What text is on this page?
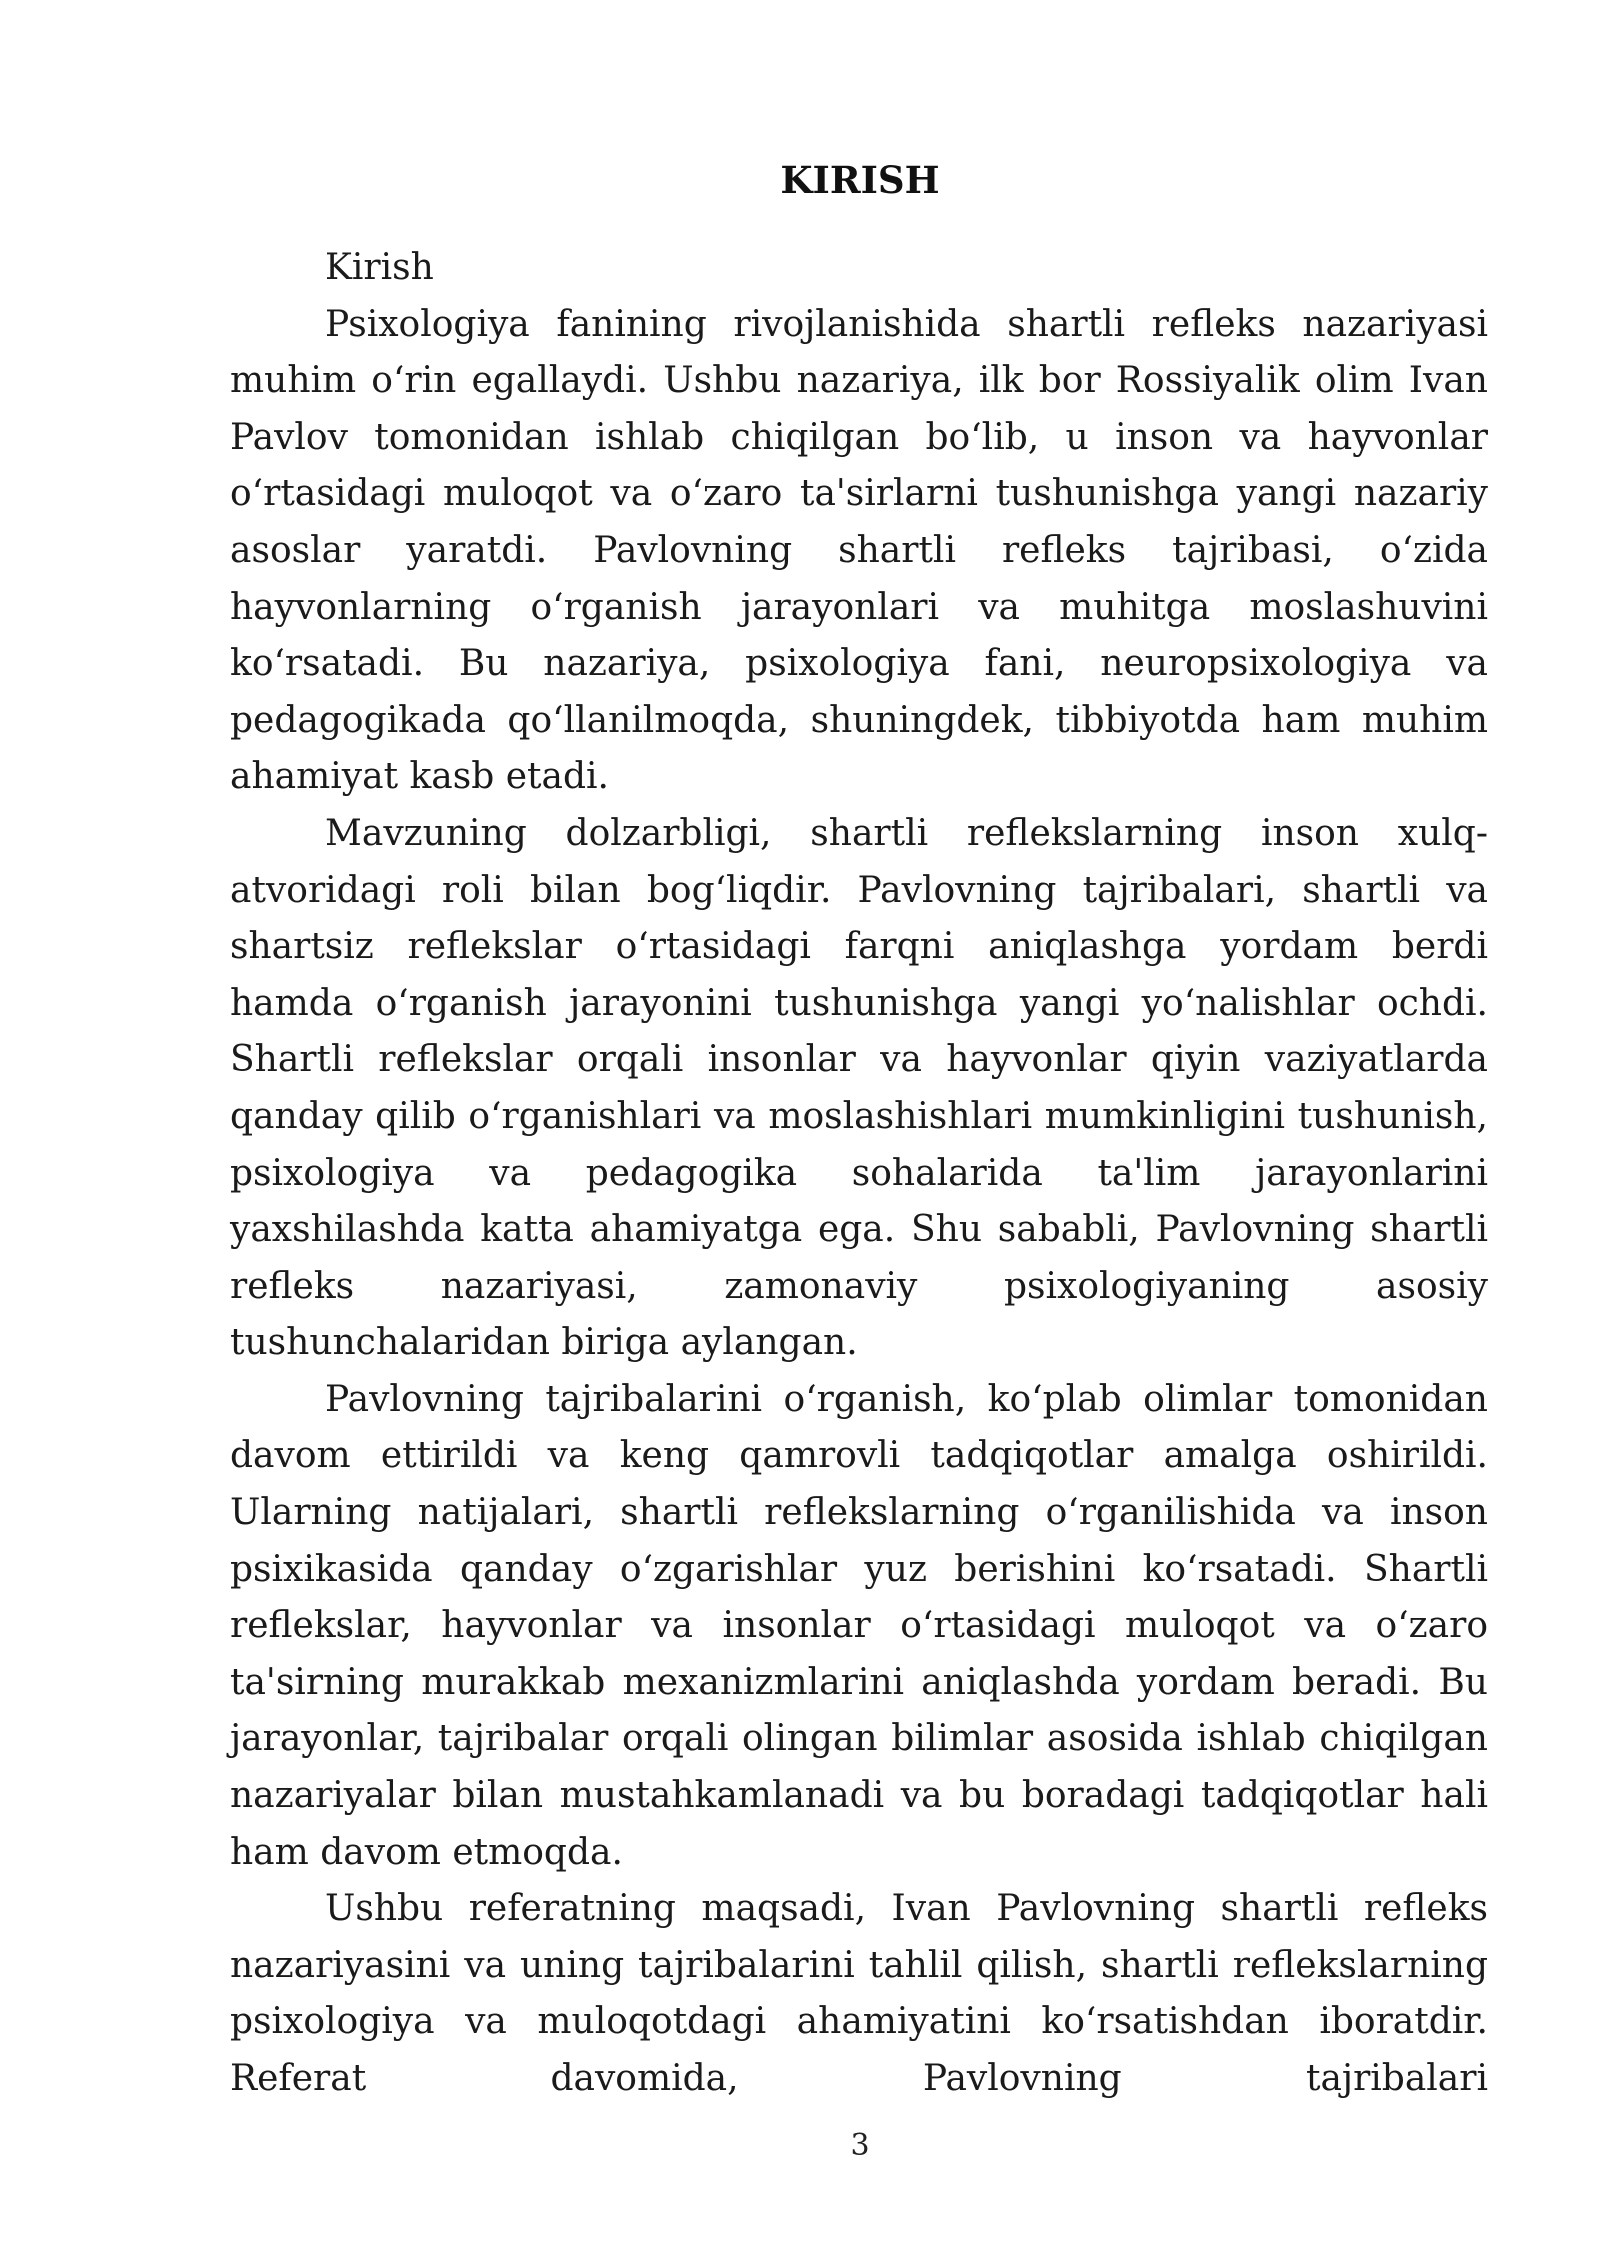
KIRISH

Kirish

Psixologiya fanining rivojlanishida shartli refleks nazariyasi muhim o‘rin egallaydi. Ushbu nazariya, ilk bor Rossiyalik olim Ivan Pavlov tomonidan ishlab chiqilgan bo‘lib, u inson va hayvonlar o‘rtasidagi muloqot va o‘zaro ta'sirlarni tushunishga yangi nazariy asoslar yaratdi. Pavlovning shartli refleks tajribasi, o‘zida hayvonlarning o‘rganish jarayonlari va muhitga moslashuvini ko‘rsatadi. Bu nazariya, psixologiya fani, neuropsixologiya va pedagogikada qo‘llanilmoqda, shuningdek, tibbiyotda ham muhim ahamiyat kasb etadi.

Mavzuning dolzarbligi, shartli reflekslarning inson xulq-atvoridagi roli bilan bog‘liqdir. Pavlovning tajribalari, shartli va shartsiz reflekslar o‘rtasidagi farqni aniqlashga yordam berdi hamda o‘rganish jarayonini tushunishga yangi yo‘nalishlar ochdi. Shartli reflekslar orqali insonlar va hayvonlar qiyin vaziyatlarda qanday qilib o‘rganishlari va moslashishlari mumkinligini tushunish, psixologiya va pedagogika sohalarida ta'lim jarayonlarini yaxshilashda katta ahamiyatga ega. Shu sababli, Pavlovning shartli refleks nazariyasi, zamonaviy psixologiyaning asosiy tushunchalaridan biriga aylangan.

Pavlovning tajribalarini o‘rganish, ko‘plab olimlar tomonidan davom ettirildi va keng qamrovli tadqiqotlar amalga oshirildi. Ularning natijalari, shartli reflekslarning o‘rganilishida va inson psixikasida qanday o‘zgarishlar yuz berishini ko‘rsatadi. Shartli reflekslar, hayvonlar va insonlar o‘rtasidagi muloqot va o‘zaro ta'sirning murakkab mexanizmlarini aniqlashda yordam beradi. Bu jarayonlar, tajribalar orqali olingan bilimlar asosida ishlab chiqilgan nazariyalar bilan mustahkamlanadi va bu boradagi tadqiqotlar hali ham davom etmoqda.

Ushbu referatning maqsadi, Ivan Pavlovning shartli refleks nazariyasini va uning tajribalarini tahlil qilish, shartli reflekslarning psixologiya va muloqotdagi ahamiyatini ko‘rsatishdan iboratdir. Referat davomida, Pavlovning tajribalari

3
